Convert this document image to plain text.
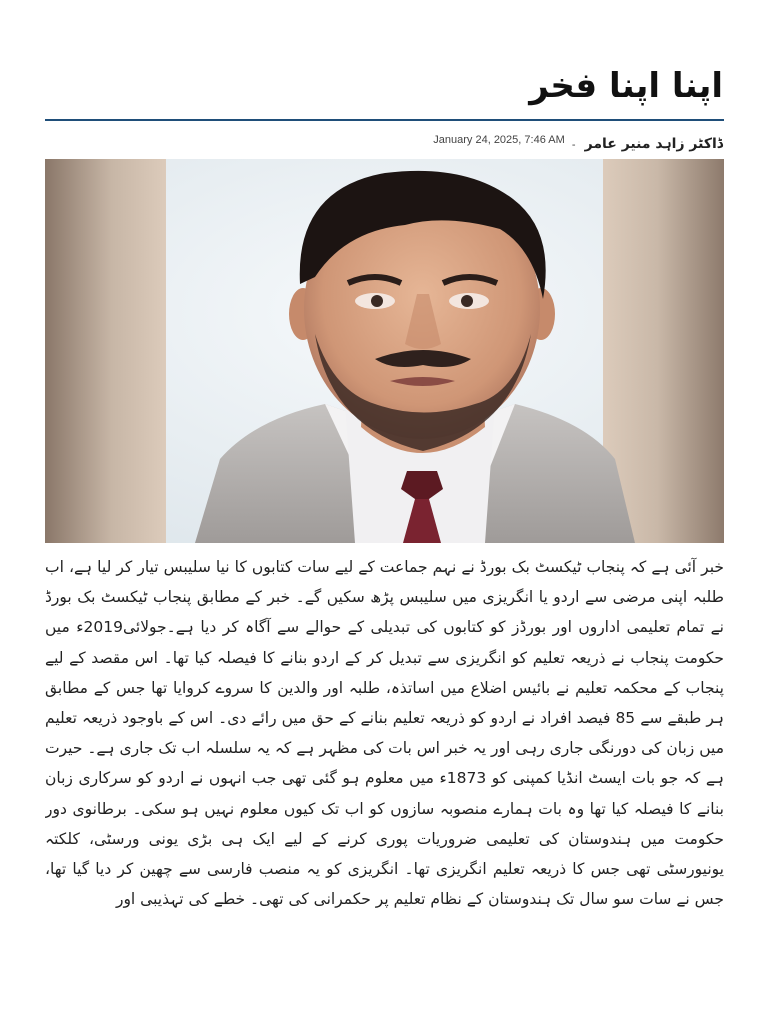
اپنا اپنا فخر
ڈاکٹر زاہد منیر عامر - $^{January 24, 2025, 7:46 AM}$

خبر آئی ہے کہ پنجاب ٹیکسٹ بک بورڈ نے نہم جماعت کے لیے سات کتابوں کا نیا سلیبس تیار کر لیا ہے، اب طلبہ اپنی مرضی سے اردو یا انگریزی میں سلیبس پڑھ سکیں گے۔ خبر کے مطابق پنجاب ٹیکسٹ بک بورڈ نے تمام تعلیمی اداروں اور بورڈز کو کتابوں کی تبدیلی کے حوالے سے آگاہ کر دیا ہے۔جولائی2019ء میں حکومت پنجاب نے ذریعہ تعلیم کو انگریزی سے تبدیل کر کے اردو بنانے کا فیصلہ کیا تھا۔ اس مقصد کے لیے پنجاب کے محکمہ تعلیم نے بائیس اضلاع میں اساتذہ، طلبہ اور والدین کا سروے کروایا تھا جس کے مطابق ہر طبقے سے 85 فیصد افراد نے اردو کو ذریعہ تعلیم بنانے کے حق میں رائے دی۔ اس کے باوجود ذریعہ تعلیم میں زبان کی دورنگی جاری رہی اور یہ خبر اس بات کی مظہر ہے کہ یہ سلسلہ اب تک جاری ہے۔ حیرت ہے کہ جو بات ایسٹ انڈیا کمپنی کو 1873ء میں معلوم ہو گئی تھی جب انہوں نے اردو کو سرکاری زبان بنانے کا فیصلہ کیا تھا وہ بات ہمارے منصوبہ سازوں کو اب تک کیوں معلوم نہیں ہو سکی۔ برطانوی دور حکومت میں ہندوستان کی تعلیمی ضروریات پوری کرنے کے لیے ایک ہی بڑی یونی ورسٹی، کلکتہ یونیورسٹی تھی جس کا ذریعہ تعلیم انگریزی تھا۔ انگریزی کو یہ منصب فارسی سے چھین کر دیا گیا تھا، جس نے سات سو سال تک ہندوستان کے نظام تعلیم پر حکمرانی کی تھی۔ خطے کی تہذیبی اور
